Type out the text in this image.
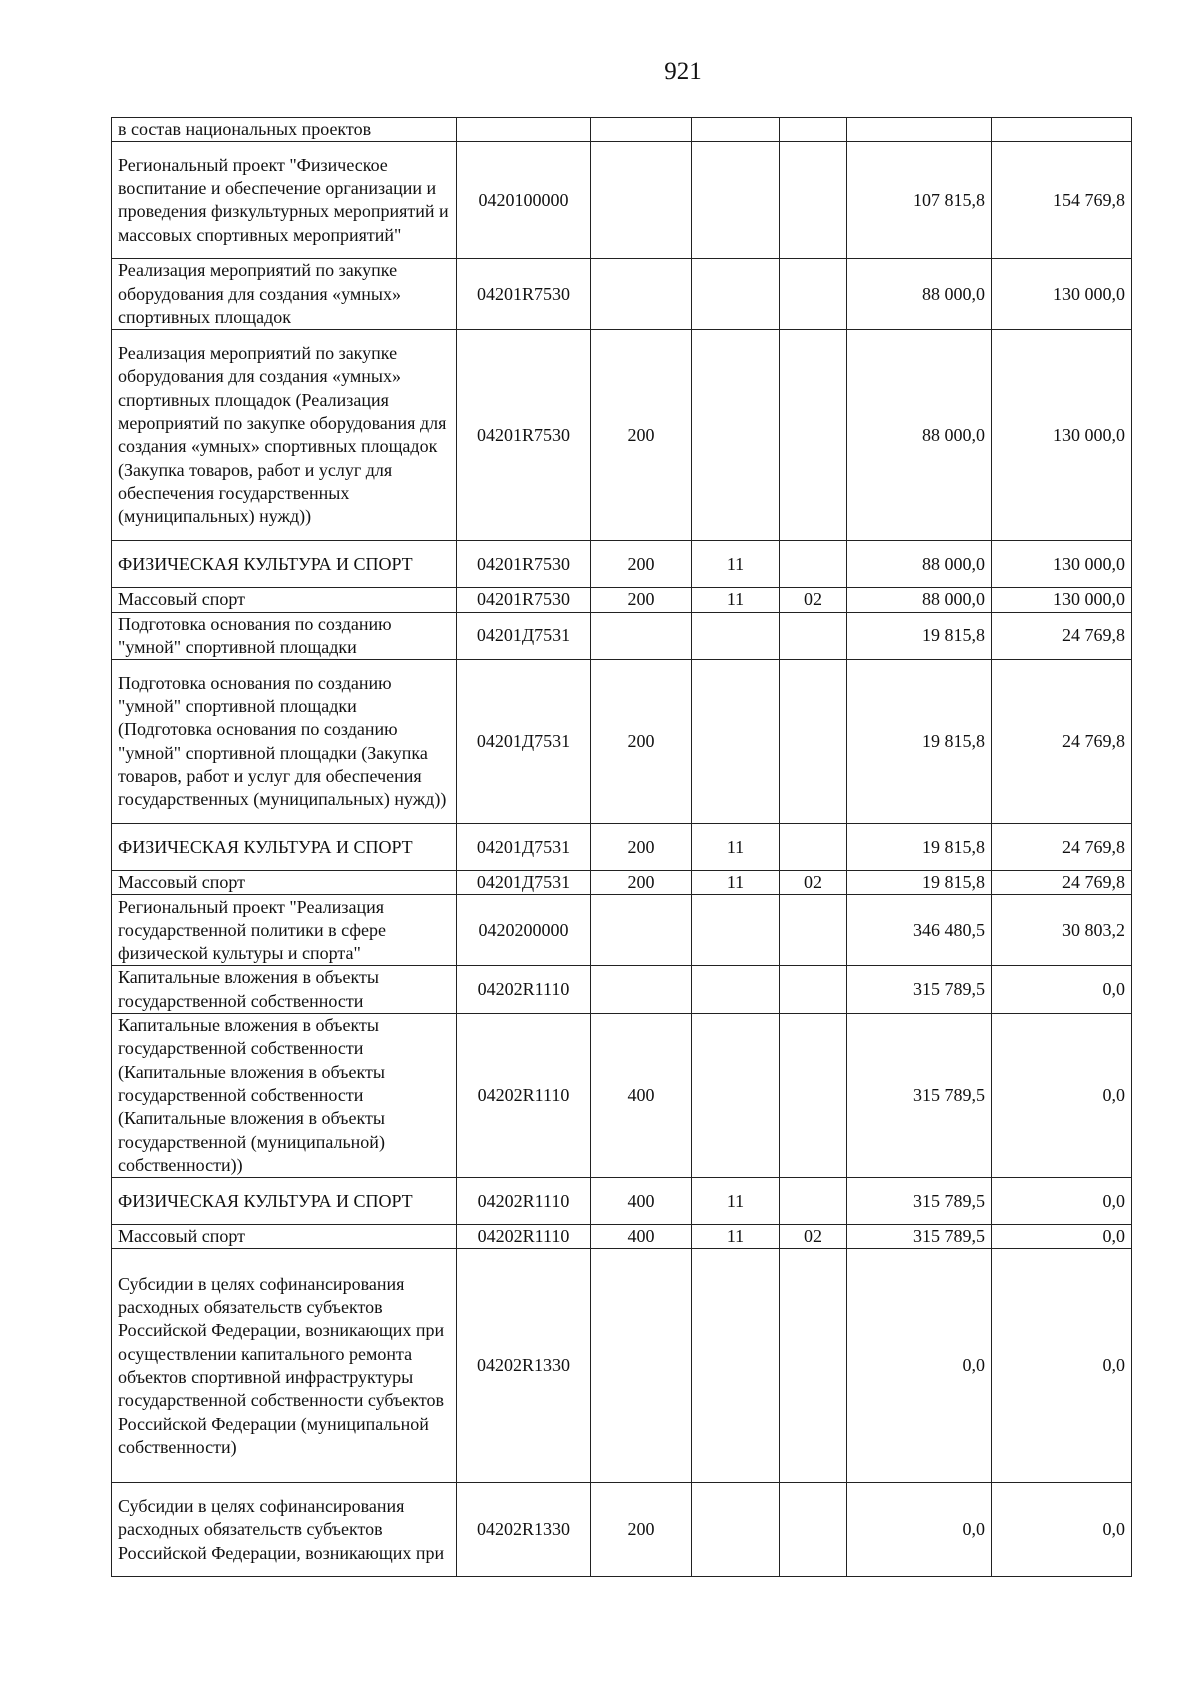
921
в состав национальных проектов						
Региональный проект "Физическое воспитание и обеспечение организации и проведения физкультурных мероприятий и массовых спортивных мероприятий"	0420100000				107 815,8	154 769,8
Реализация мероприятий по закупке оборудования для создания «умных» спортивных площадок	04201R7530				88 000,0	130 000,0
Реализация мероприятий по закупке оборудования для создания «умных» спортивных площадок (Реализация мероприятий по закупке оборудования для создания «умных» спортивных площадок (Закупка товаров, работ и услуг для обеспечения государственных (муниципальных) нужд))	04201R7530	200			88 000,0	130 000,0
ФИЗИЧЕСКАЯ КУЛЬТУРА И СПОРТ	04201R7530	200	11		88 000,0	130 000,0
Массовый спорт	04201R7530	200	11	02	88 000,0	130 000,0
Подготовка основания по созданию "умной" спортивной площадки	04201Д7531				19 815,8	24 769,8
Подготовка основания по созданию "умной" спортивной площадки (Подготовка основания по созданию "умной" спортивной площадки (Закупка товаров, работ и услуг для обеспечения государственных (муниципальных) нужд))	04201Д7531	200			19 815,8	24 769,8
ФИЗИЧЕСКАЯ КУЛЬТУРА И СПОРТ	04201Д7531	200	11		19 815,8	24 769,8
Массовый спорт	04201Д7531	200	11	02	19 815,8	24 769,8
Региональный проект "Реализация государственной политики в сфере физической культуры и спорта"	0420200000				346 480,5	30 803,2
Капитальные вложения в объекты государственной собственности	04202R1110				315 789,5	0,0
Капитальные вложения в объекты государственной собственности (Капитальные вложения в объекты государственной собственности (Капитальные вложения в объекты государственной (муниципальной) собственности))	04202R1110	400			315 789,5	0,0
ФИЗИЧЕСКАЯ КУЛЬТУРА И СПОРТ	04202R1110	400	11		315 789,5	0,0
Массовый спорт	04202R1110	400	11	02	315 789,5	0,0
Субсидии в целях софинансирования расходных обязательств субъектов Российской Федерации, возникающих при осуществлении капитального ремонта объектов спортивной инфраструктуры государственной собственности субъектов Российской Федерации (муниципальной собственности)	04202R1330				0,0	0,0
Субсидии в целях софинансирования расходных обязательств субъектов Российской Федерации, возникающих при	04202R1330	200			0,0	0,0
